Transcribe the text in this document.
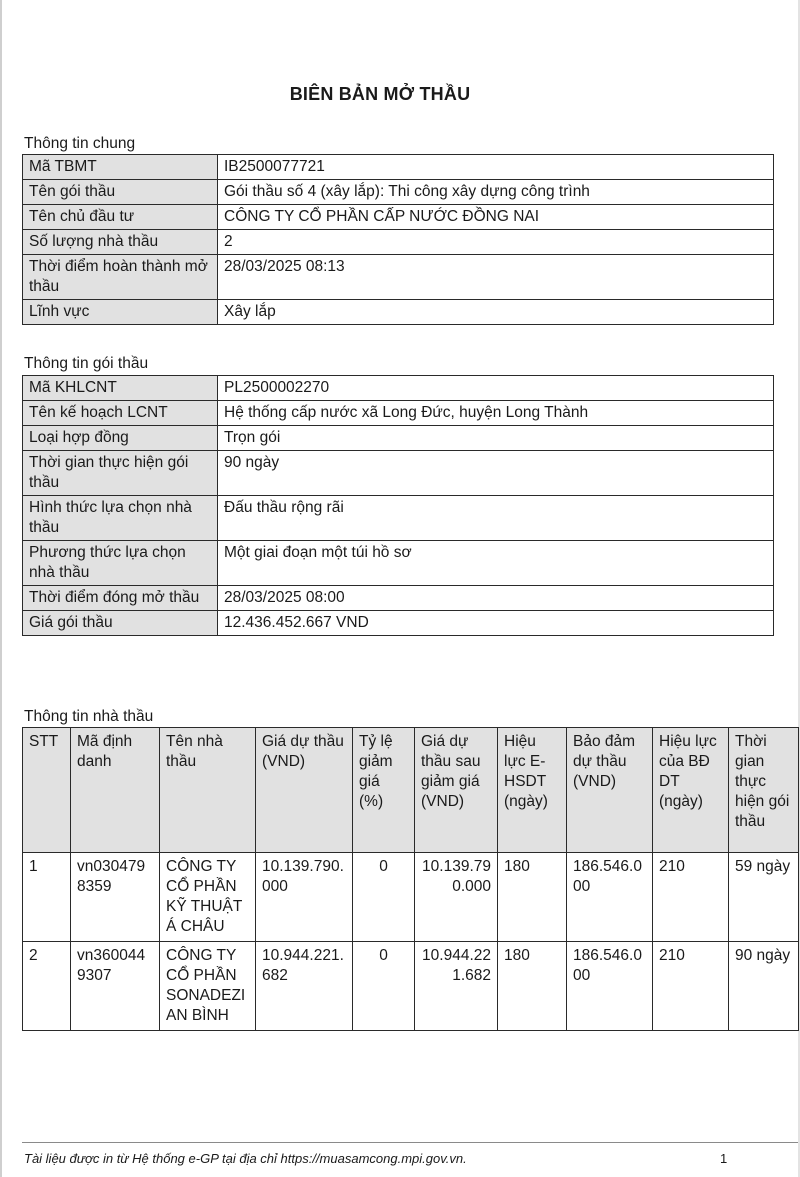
BIÊN BẢN MỞ THẦU
Thông tin chung
Mã TBMT	IB2500077721
Tên gói thầu	Gói thầu số 4 (xây lắp): Thi công xây dựng công trình
Tên chủ đầu tư	CÔNG TY CỔ PHẦN CẤP NƯỚC ĐỒNG NAI
Số lượng nhà thầu	2
Thời điểm hoàn thành mở thầu	28/03/2025 08:13
Lĩnh vực	Xây lắp
Thông tin gói thầu
Mã KHLCNT	PL2500002270
Tên kế hoạch LCNT	Hệ thống cấp nước xã Long Đức, huyện Long Thành
Loại hợp đồng	Trọn gói
Thời gian thực hiện gói thầu	90 ngày
Hình thức lựa chọn nhà thầu	Đấu thầu rộng rãi
Phương thức lựa chọn nhà thầu	Một giai đoạn một túi hồ sơ
Thời điểm đóng mở thầu	28/03/2025 08:00
Giá gói thầu	12.436.452.667 VND
Thông tin nhà thầu
STT	Mã định danh	Tên nhà thầu	Giá dự thầu (VND)	Tỷ lệ giảm giá (%)	Giá dự thầu sau giảm giá (VND)	Hiệu lực E-HSDT (ngày)	Bảo đảm dự thầu (VND)	Hiệu lực của BĐ DT (ngày)	Thời gian thực hiện gói thầu
1	vn0304798359	CÔNG TY CỔ PHẦN KỸ THUẬT Á CHÂU	10.139.790.000	0	10.139.790.000	180	186.546.000	210	59 ngày
2	vn3600449307	CÔNG TY CỔ PHẦN SONADEZI AN BÌNH	10.944.221.682	0	10.944.221.682	180	186.546.000	210	90 ngày
Tài liệu được in từ Hệ thống e-GP tại địa chỉ https://muasamcong.mpi.gov.vn.	1
